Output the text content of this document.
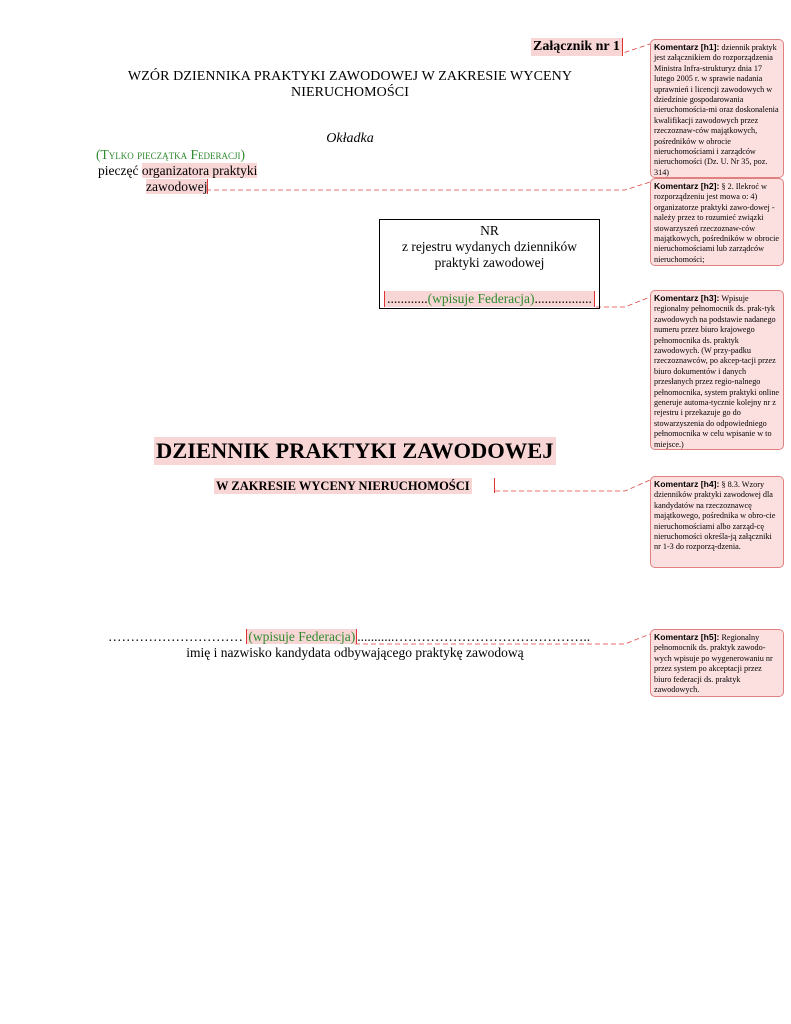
Załącznik nr 1
WZÓR DZIENNIKA PRAKTYKI ZAWODOWEJ W ZAKRESIE WYCENY
NIERUCHOMOŚCI
Okładka
(Tylko pieczątka Federacji)
pieczęć organizatora praktyki
zawodowej
NR
z rejestru wydanych dzienników
praktyki zawodowej
............(wpisuje Federacja).................
DZIENNIK PRAKTYKI ZAWODOWEJ
W ZAKRESIE WYCENY NIERUCHOMOŚCI
………………………… (wpisuje Federacja) ...........……………………………………..
imię i nazwisko kandydata odbywającego praktykę zawodową
Komentarz [h1]: dziennik praktyk jest załącznikiem do rozporządzenia Ministra Infra-strukturyz dnia 17 lutego 2005 r. w sprawie nadania uprawnień i licencji zawodowych w dziedzinie gospodarowania nieruchomościa-mi oraz doskonalenia kwalifikacji zawodowych przez rzeczoznaw-ców majątkowych, pośredników w obrocie nieruchomościami i zarządców nieruchomości (Dz. U. Nr 35, poz. 314)
Komentarz [h2]: § 2. Ilekroć w rozporządzeniu jest mowa o: 4) organizatorze praktyki zawo-dowej - należy przez to rozumieć związki stowarzyszeń rzeczoznaw-ców majątkowych, pośredników w obrocie nieruchomościami lub zarządców nieruchomości;
Komentarz [h3]: Wpisuje regionalny pełnomocnik ds. prak-tyk zawodowych na podstawie nadanego numeru przez biuro krajowego pełnomocnika ds. praktyk zawodowych. (W przy-padku rzeczoznawców, po akcep-tacji przez biuro dokumentów i danych przesłanych przez regio-nalnego pełnomocnika, system praktyki online generuje automa-tycznie kolejny nr z rejestru i przekazuje go do stowarzyszenia do odpowiedniego pełnomocnika w celu wpisanie w to miejsce.)
Komentarz [h4]: § 8.3. Wzory dzienników praktyki zawodowej dla kandydatów na rzeczoznawcę majątkowego, pośrednika w obro-cie nieruchomościami albo zarząd-cę nieruchomości określa-ją załączniki nr 1-3 do rozporzą-dzenia.
Komentarz [h5]: Regionalny pełnomocnik ds. praktyk zawodo-wych wpisuje po wygenerowaniu nr przez system po akceptacji przez biuro federacji ds. praktyk zawodowych.
